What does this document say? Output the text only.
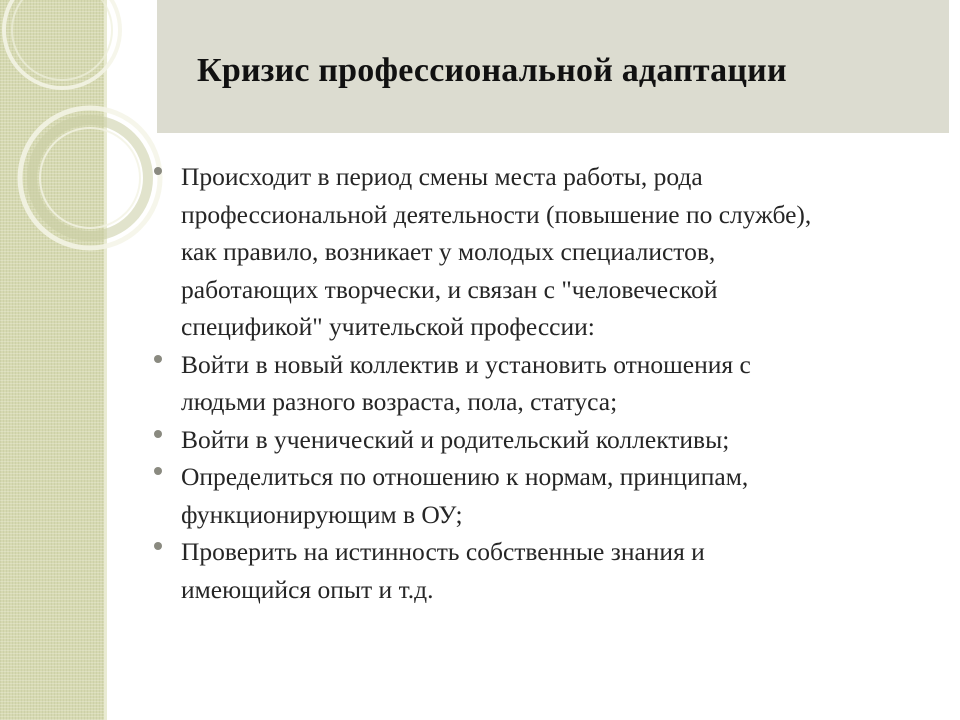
Кризис профессиональной адаптации
Происходит в период смены места работы, рода
профессиональной деятельности (повышение по службе),
как правило, возникает у молодых специалистов,
работающих творчески, и связан с "человеческой
спецификой" учительской профессии:
Войти в новый коллектив и установить отношения с
людьми разного возраста, пола, статуса;
Войти в ученический и родительский коллективы;
Определиться по отношению к нормам, принципам,
функционирующим в ОУ;
Проверить на истинность собственные знания и
имеющийся опыт и т.д.
